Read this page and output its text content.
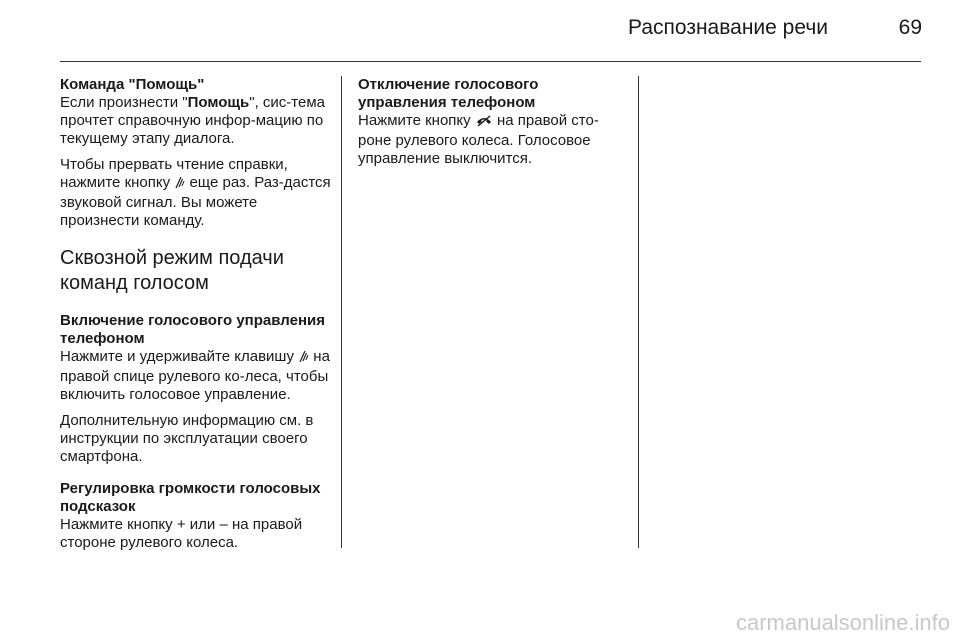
Распознавание речи	69

Команда "Помощь"

Если произнести "Помощь", сис-тема прочтет справочную инфор-мацию по текущему этапу диалога.

Чтобы прервать чтение справки, нажмите кнопку еще раз. Раз-дастся звуковой сигнал. Вы можете произнести команду.

Сквозной режим подачи команд голосом

Включение голосового управления телефоном

Нажмите и удерживайте клавишу на правой спице рулевого ко-леса, чтобы включить голосовое управление.

Дополнительную информацию см. в инструкции по эксплуатации своего смартфона.

Регулировка громкости голосовых подсказок

Нажмите кнопку + или – на правой стороне рулевого колеса.

Отключение голосового управления телефоном

Нажмите кнопку на правой сто-роне рулевого колеса. Голосовое управление выключится.

carmanualsonline.info
